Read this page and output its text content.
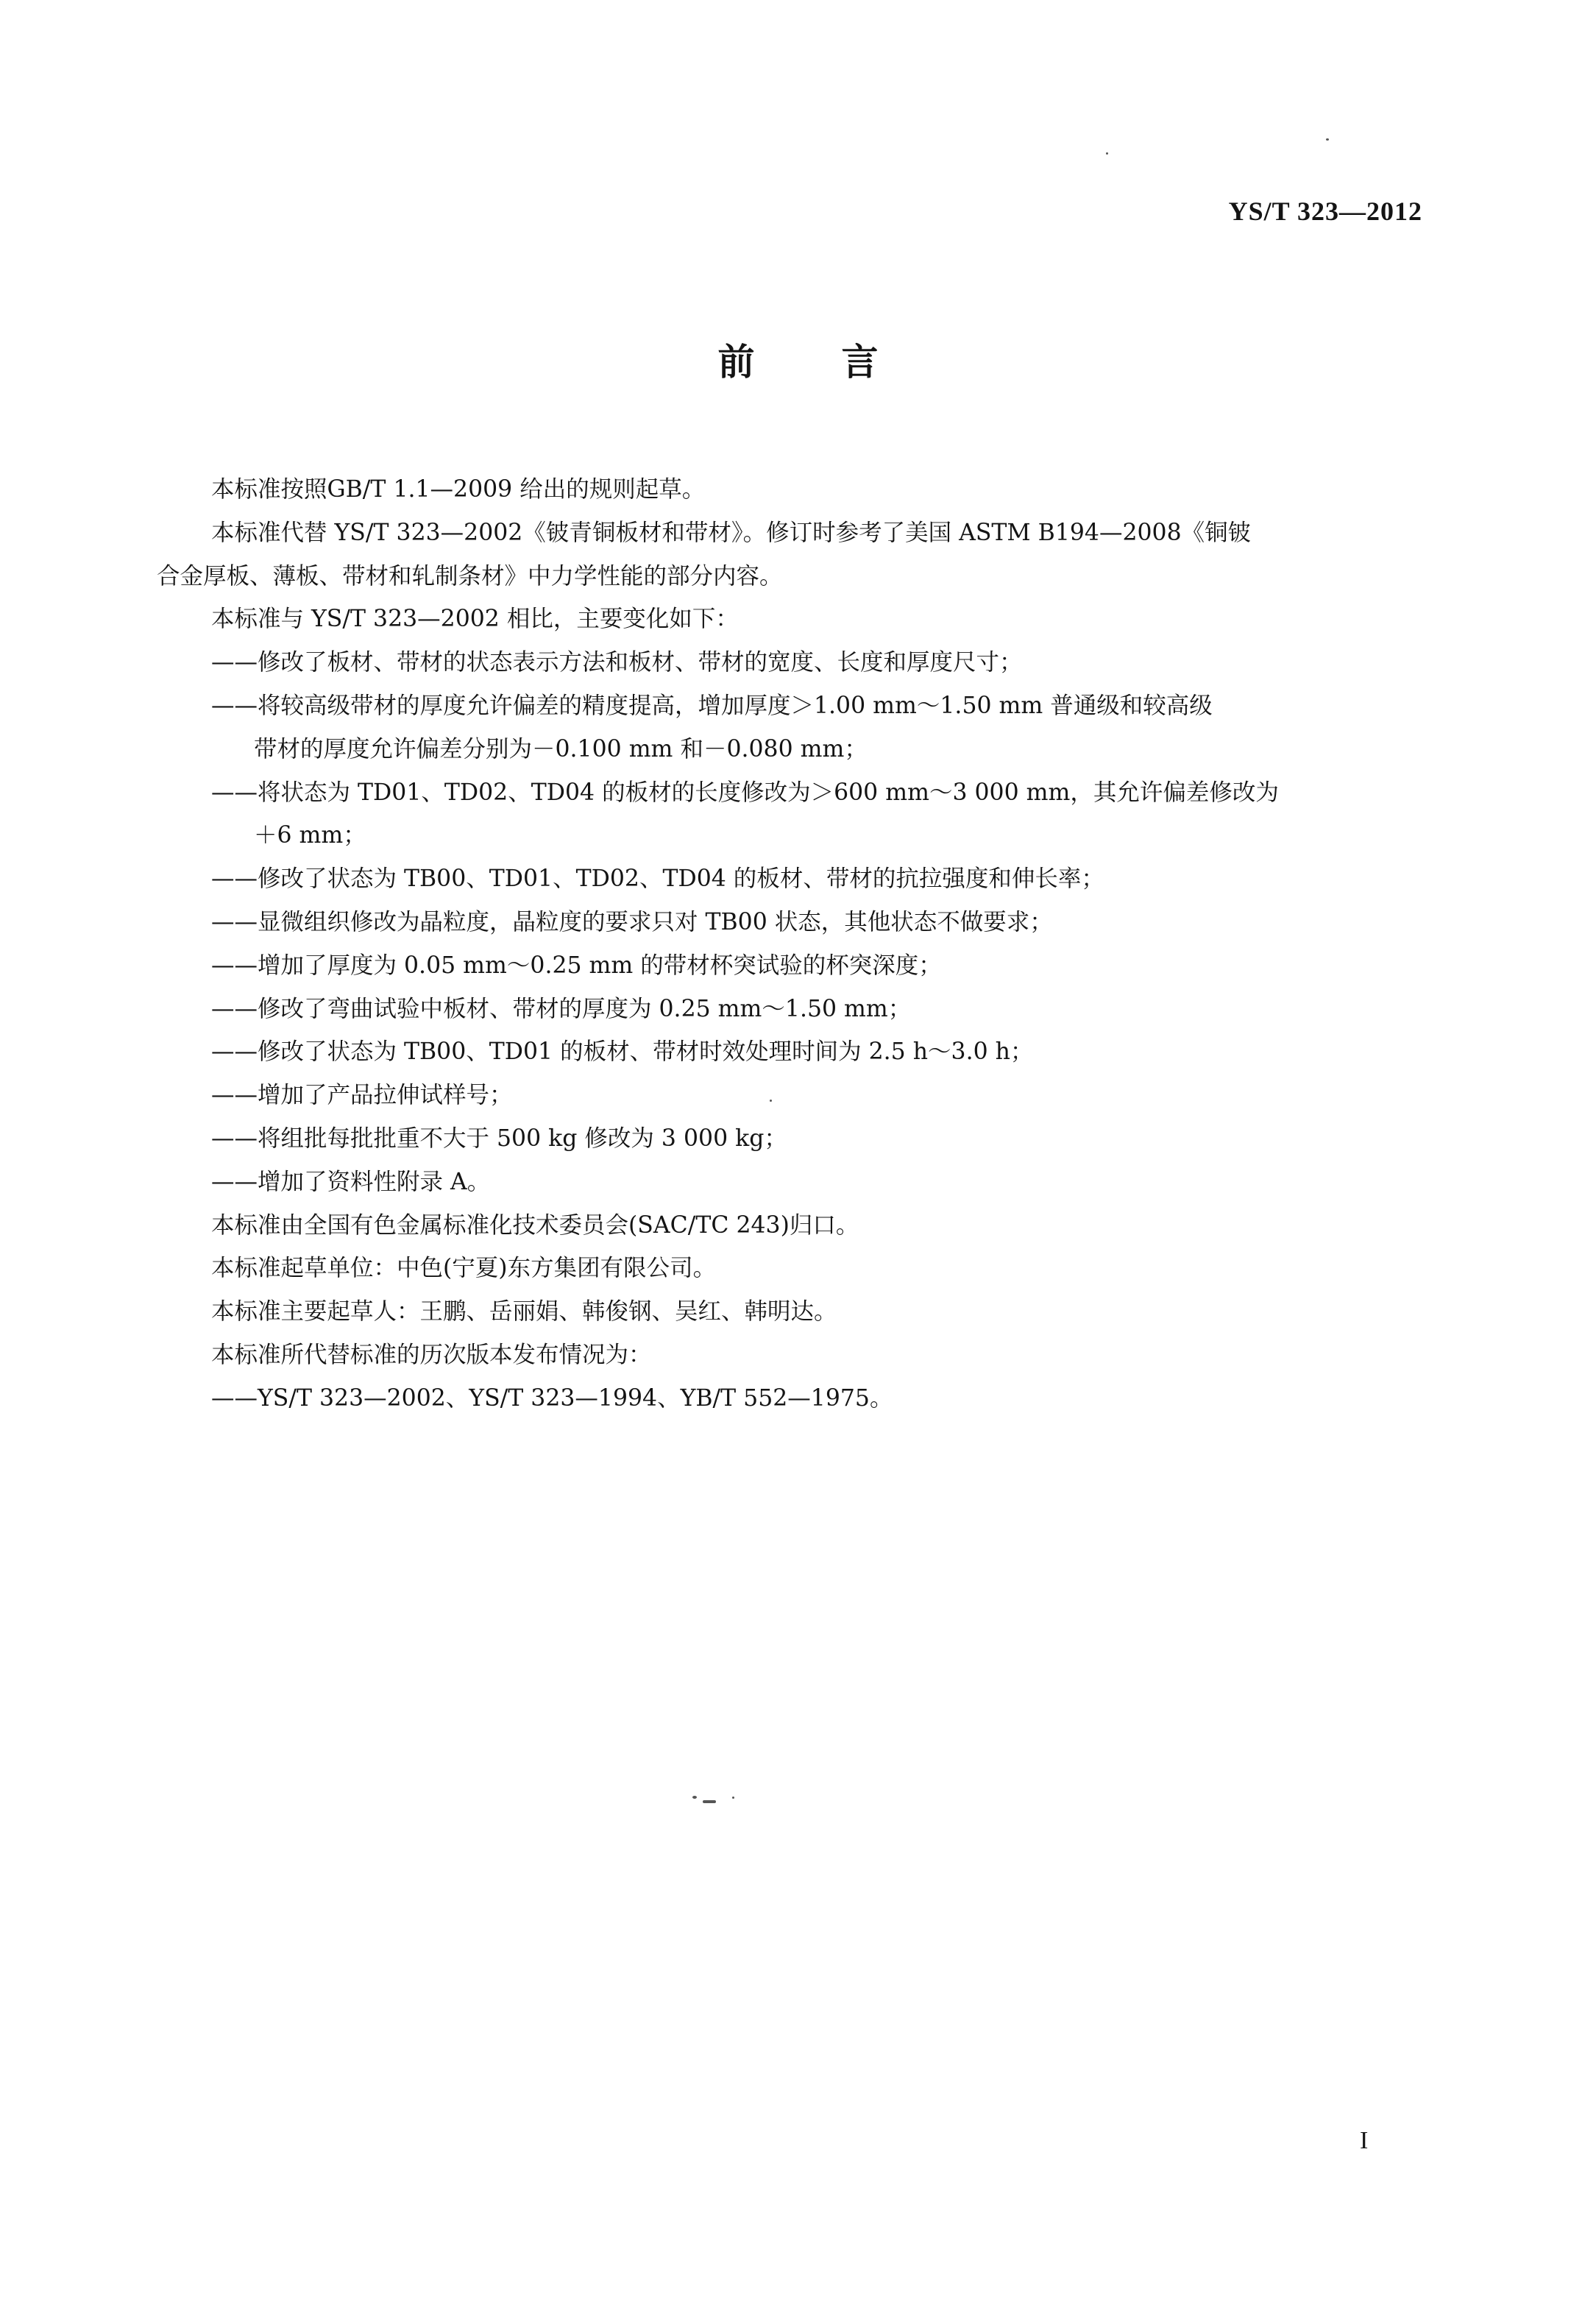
YS/T 323—2012
前 言
本标准按照GB/T 1.1—2009 给出的规则起草。
本标准代替 YS/T 323—2002《铍青铜板材和带材》。修订时参考了美国 ASTM B194—2008《铜铍
合金厚板、薄板、带材和轧制条材》中力学性能的部分内容。
本标准与 YS/T 323—2002 相比，主要变化如下：
——修改了板材、带材的状态表示方法和板材、带材的宽度、长度和厚度尺寸；
——将较高级带材的厚度允许偏差的精度提高，增加厚度＞1.00 mm～1.50 mm 普通级和较高级
带材的厚度允许偏差分别为－0.100 mm 和－0.080 mm；
——将状态为 TD01、TD02、TD04 的板材的长度修改为＞600 mm～3 000 mm，其允许偏差修改为
＋6 mm；
——修改了状态为 TB00、TD01、TD02、TD04 的板材、带材的抗拉强度和伸长率；
——显微组织修改为晶粒度，晶粒度的要求只对 TB00 状态，其他状态不做要求；
——增加了厚度为 0.05 mm～0.25 mm 的带材杯突试验的杯突深度；
——修改了弯曲试验中板材、带材的厚度为 0.25 mm～1.50 mm；
——修改了状态为 TB00、TD01 的板材、带材时效处理时间为 2.5 h～3.0 h；
——增加了产品拉伸试样号；
——将组批每批批重不大于 500 kg 修改为 3 000 kg；
——增加了资料性附录 A。
本标准由全国有色金属标准化技术委员会(SAC/TC 243)归口。
本标准起草单位：中色(宁夏)东方集团有限公司。
本标准主要起草人：王鹏、岳丽娟、韩俊钢、吴红、韩明达。
本标准所代替标准的历次版本发布情况为：
——YS/T 323—2002、YS/T 323—1994、YB/T 552—1975。
I
